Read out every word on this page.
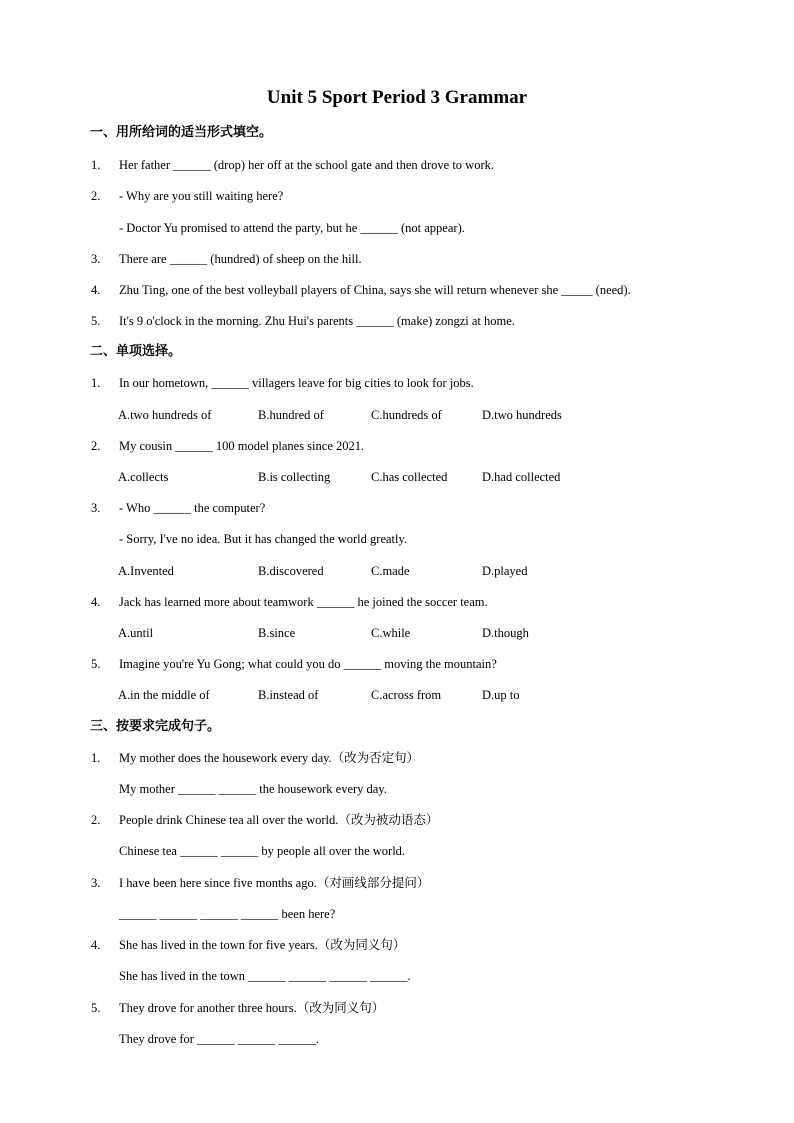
Unit 5 Sport Period 3 Grammar
一、用所给词的适当形式填空。
1. Her father ______ (drop) her off at the school gate and then drove to work.
2. - Why are you still waiting here?
- Doctor Yu promised to attend the party, but he ______ (not appear).
3. There are ______ (hundred) of sheep on the hill.
4. Zhu Ting, one of the best volleyball players of China, says she will return whenever she _____ (need).
5. It's 9 o'clock in the morning. Zhu Hui's parents ______ (make) zongzi at home.
二、单项选择。
1. In our hometown, ______ villagers leave for big cities to look for jobs.
A.two hundreds of	B.hundred of	C.hundreds of	D.two hundreds
2. My cousin ______ 100 model planes since 2021.
A.collects	B.is collecting	C.has collected	D.had collected
3. - Who ______ the computer?
- Sorry, I've no idea. But it has changed the world greatly.
A.Invented	B.discovered	C.made	D.played
4. Jack has learned more about teamwork ______ he joined the soccer team.
A.until	B.since	C.while	D.though
5. Imagine you're Yu Gong; what could you do ______ moving the mountain?
A.in the middle of	B.instead of	C.across from	D.up to
三、按要求完成句子。
1. My mother does the housework every day.（改为否定句）
My mother ______ ______ the housework every day.
2. People drink Chinese tea all over the world.（改为被动语态）
Chinese tea ______ ______ by people all over the world.
3. I have been here since five months ago.（对画线部分提问）
______ ______ ______ ______ been here?
4. She has lived in the town for five years.（改为同义句）
She has lived in the town ______ ______ ______ ______.
5. They drove for another three hours.（改为同义句）
They drove for ______ ______ ______.
